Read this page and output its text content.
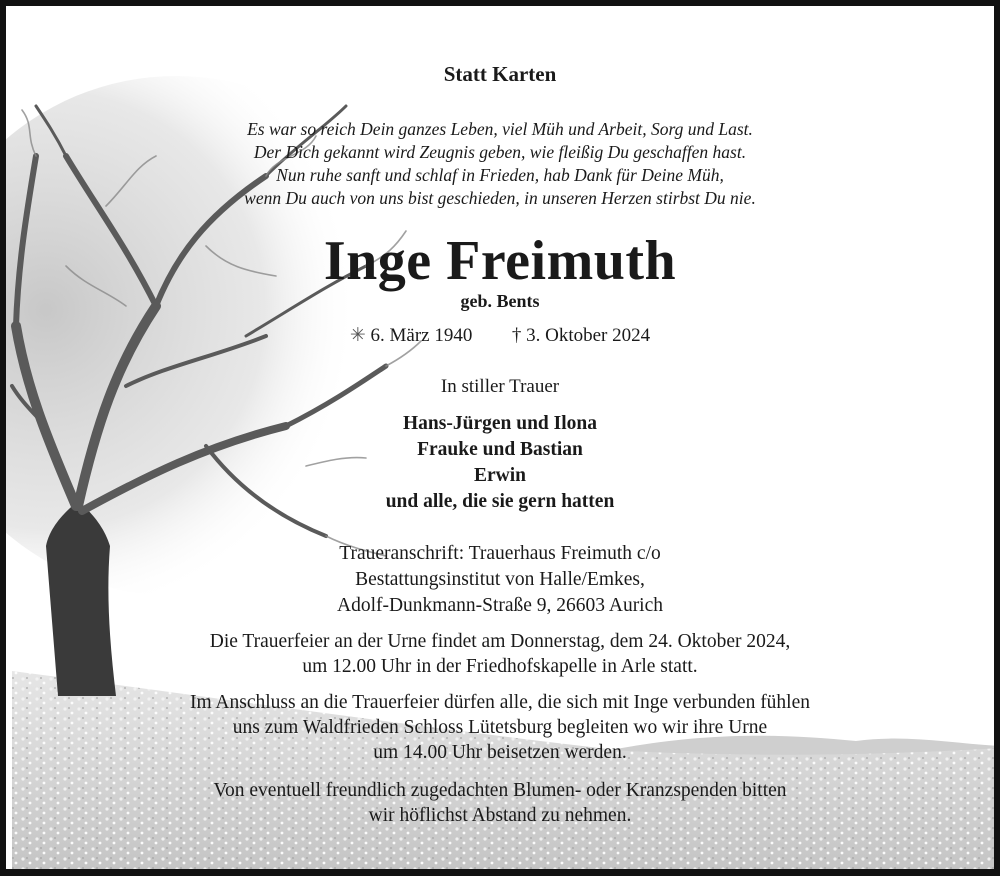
Statt Karten
Es war so reich Dein ganzes Leben, viel Müh und Arbeit, Sorg und Last.
Der Dich gekannt wird Zeugnis geben, wie fleißig Du geschaffen hast.
Nun ruhe sanft und schlaf in Frieden, hab Dank für Deine Müh,
wenn Du auch von uns bist geschieden, in unseren Herzen stirbst Du nie.
Inge Freimuth
geb. Bents
✳ 6. März 1940 † 3. Oktober 2024
In stiller Trauer
Hans-Jürgen und Ilona
Frauke und Bastian
Erwin
und alle, die sie gern hatten
Traueranschrift: Trauerhaus Freimuth c/o
Bestattungsinstitut von Halle/Emkes,
Adolf-Dunkmann-Straße 9, 26603 Aurich
Die Trauerfeier an der Urne findet am Donnerstag, dem 24. Oktober 2024,
um 12.00 Uhr in der Friedhofskapelle in Arle statt.
Im Anschluss an die Trauerfeier dürfen alle, die sich mit Inge verbunden fühlen
uns zum Waldfrieden Schloss Lütetsburg begleiten wo wir ihre Urne
um 14.00 Uhr beisetzen werden.
Von eventuell freundlich zugedachten Blumen- oder Kranzspenden bitten
wir höflichst Abstand zu nehmen.
